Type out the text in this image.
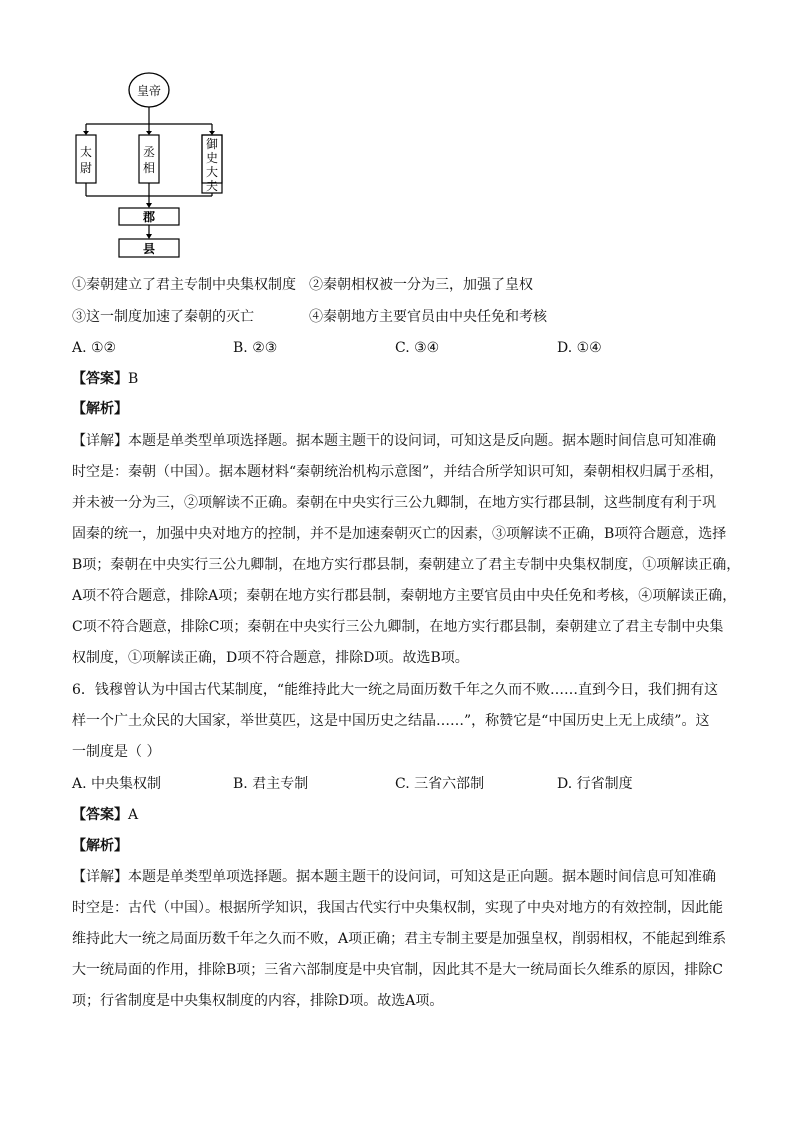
皇帝
太
尉
丞
相
御
史
大
夫
郡
县
①秦朝建立了君主专制中央集权制度 ②秦朝相权被一分为三，加强了皇权
③这一制度加速了秦朝的灭亡	④秦朝地方主要官员由中央任免和考核
A. ①②	B. ②③	C. ③④	D. ①④
【答案】B
【解析】
【详解】本题是单类型单项选择题。据本题主题干的设问词，可知这是反向题。据本题时间信息可知准确
时空是：秦朝（中国）。据本题材料“秦朝统治机构示意图”，并结合所学知识可知，秦朝相权归属于丞相，
并未被一分为三，②项解读不正确。秦朝在中央实行三公九卿制，在地方实行郡县制，这些制度有利于巩
固秦的统一，加强中央对地方的控制，并不是加速秦朝灭亡的因素，③项解读不正确，B项符合题意，选择
B项；秦朝在中央实行三公九卿制，在地方实行郡县制，秦朝建立了君主专制中央集权制度，①项解读正确，
A项不符合题意，排除A项；秦朝在地方实行郡县制，秦朝地方主要官员由中央任免和考核，④项解读正确，
C项不符合题意，排除C项；秦朝在中央实行三公九卿制，在地方实行郡县制，秦朝建立了君主专制中央集
权制度，①项解读正确，D项不符合题意，排除D项。故选B项。
6．钱穆曾认为中国古代某制度，“能维持此大一统之局面历数千年之久而不败……直到今日，我们拥有这
样一个广土众民的大国家，举世莫匹，这是中国历史之结晶……”，称赞它是“中国历史上无上成绩”。这
一制度是（ ）
A. 中央集权制	B. 君主专制	C. 三省六部制	D. 行省制度
【答案】A
【解析】
【详解】本题是单类型单项选择题。据本题主题干的设问词，可知这是正向题。据本题时间信息可知准确
时空是：古代（中国）。根据所学知识，我国古代实行中央集权制，实现了中央对地方的有效控制，因此能
维持此大一统之局面历数千年之久而不败，A项正确；君主专制主要是加强皇权，削弱相权，不能起到维系
大一统局面的作用，排除B项；三省六部制度是中央官制，因此其不是大一统局面长久维系的原因，排除C
项；行省制度是中央集权制度的内容，排除D项。故选A项。
